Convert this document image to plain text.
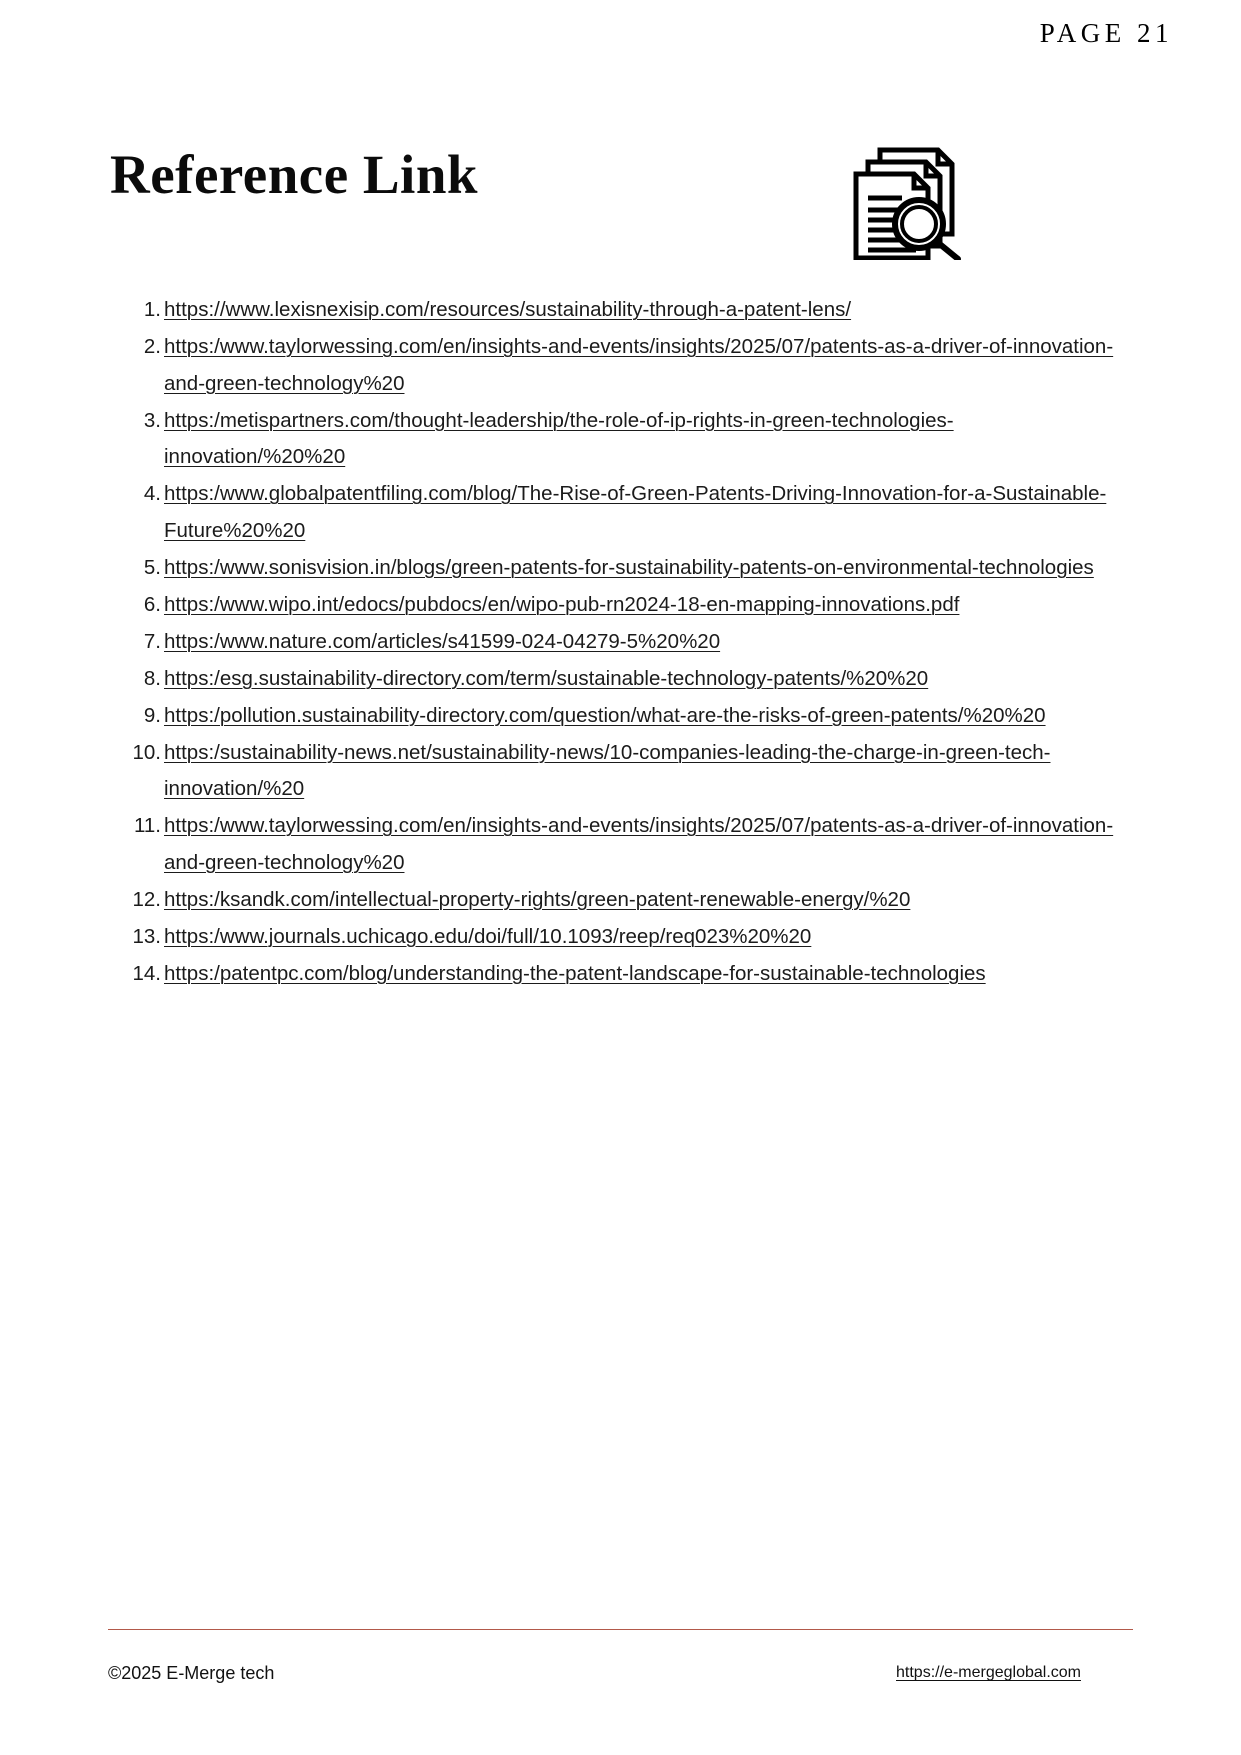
PAGE 21
Reference Link
1. https://www.lexisnexisip.com/resources/sustainability-through-a-patent-lens/
2. https:/www.taylorwessing.com/en/insights-and-events/insights/2025/07/patents-as-a-driver-of-innovation-and-green-technology%20
3. https:/metispartners.com/thought-leadership/the-role-of-ip-rights-in-green-technologies-innovation/%20%20
4. https:/www.globalpatentfiling.com/blog/The-Rise-of-Green-Patents-Driving-Innovation-for-a-Sustainable-Future%20%20
5. https:/www.sonisvision.in/blogs/green-patents-for-sustainability-patents-on-environmental-technologies
6. https:/www.wipo.int/edocs/pubdocs/en/wipo-pub-rn2024-18-en-mapping-innovations.pdf
7. https:/www.nature.com/articles/s41599-024-04279-5%20%20
8. https:/esg.sustainability-directory.com/term/sustainable-technology-patents/%20%20
9. https:/pollution.sustainability-directory.com/question/what-are-the-risks-of-green-patents/%20%20
10. https:/sustainability-news.net/sustainability-news/10-companies-leading-the-charge-in-green-tech-innovation/%20
11. https:/www.taylorwessing.com/en/insights-and-events/insights/2025/07/patents-as-a-driver-of-innovation-and-green-technology%20
12. https:/ksandk.com/intellectual-property-rights/green-patent-renewable-energy/%20
13. https:/www.journals.uchicago.edu/doi/full/10.1093/reep/req023%20%20
14. https:/patentpc.com/blog/understanding-the-patent-landscape-for-sustainable-technologies
©2025 E-Merge tech	https://e-mergeglobal.com
